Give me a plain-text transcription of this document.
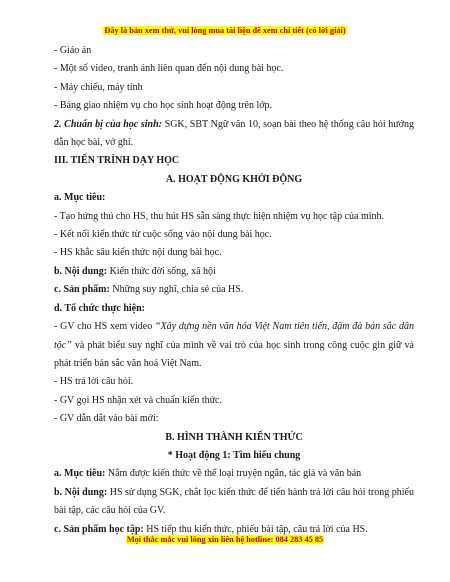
Đây là bản xem thử, vui lòng mua tài liệu để xem chi tiết (có lời giải)

- Giáo án

- Một số video, tranh ảnh liên quan đến nội dung bài học.

- Máy chiếu, máy tính

- Bảng giao nhiệm vụ cho học sinh hoạt động trên lớp.

2. Chuẩn bị của học sinh: SGK, SBT Ngữ văn 10, soạn bài theo hệ thống câu hỏi hướng dẫn học bài, vở ghi.

III. TIẾN TRÌNH DẠY HỌC

A. HOẠT ĐỘNG KHỞI ĐỘNG

a. Mục tiêu:

- Tạo hứng thú cho HS, thu hút HS sẵn sàng thực hiện nhiệm vụ học tập của mình.

- Kết nối kiến thức từ cuộc sống vào nội dung bài học.

- HS khắc sâu kiến thức nội dung bài học.

b. Nội dung: Kiến thức đời sống, xã hội

c. Sản phẩm: Những suy nghĩ, chia sẻ của HS.

d. Tổ chức thực hiện:

- GV cho HS xem video “Xây dựng nền văn hóa Việt Nam tiên tiến, đậm đà bản sắc dân tộc” và phát biểu suy nghĩ của mình về vai trò của học sinh trong công cuộc gìn giữ và phát triển bản sắc văn hoá Việt Nam.

- HS trả lời câu hỏi.

- GV gọi HS nhận xét và chuẩn kiến thức.

- GV dẫn dắt vào bài mới:

B. HÌNH THÀNH KIẾN THỨC

* Hoạt động 1: Tìm hiểu chung

a. Mục tiêu: Nắm được kiến thức về thể loại truyện ngắn, tác giả và văn bản

b. Nội dung: HS sử dụng SGK, chắt lọc kiến thức để tiến hành trả lời câu hỏi trong phiếu bài tập, các câu hỏi của GV.

c. Sản phẩm học tập: HS tiếp thu kiến thức, phiếu bài tập, câu trả lời của HS.

Mọi thắc mắc vui lòng xin liên hệ hotline: 084 283 45 85
